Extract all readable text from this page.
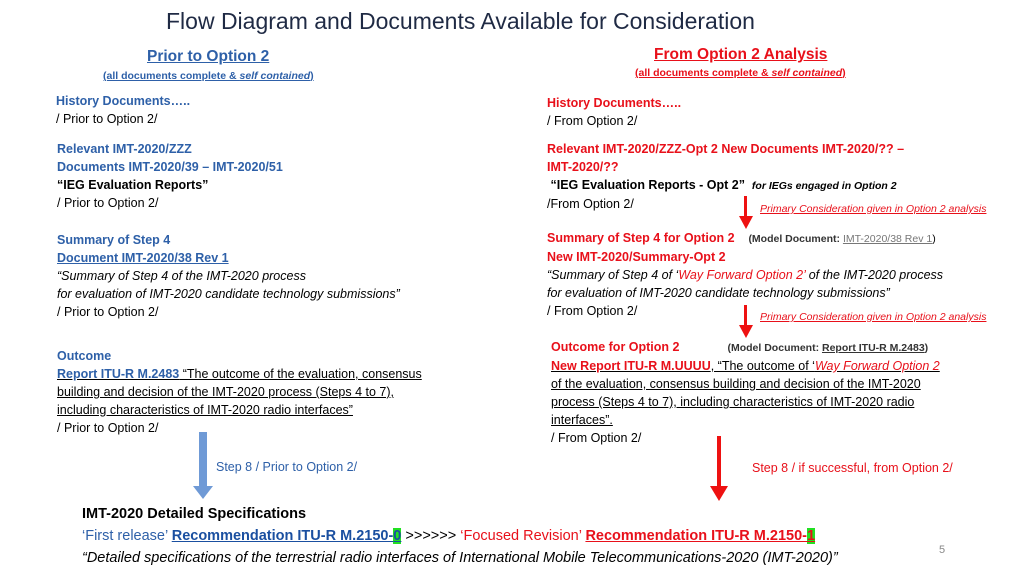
Flow Diagram and Documents Available for Consideration
Prior to Option 2
(all documents complete & self contained)
History Documents…..
/ Prior to Option 2/
Relevant IMT-2020/ZZZ
Documents IMT-2020/39 – IMT-2020/51
“IEG Evaluation Reports”
/ Prior to Option 2/
Summary of Step 4
Document IMT-2020/38 Rev 1
“Summary of Step 4 of the IMT-2020 process
for evaluation of IMT-2020 candidate technology submissions”
/ Prior to Option 2/
Outcome
Report ITU-R M.2483 “The outcome of the evaluation, consensus
building and decision of the IMT-2020 process (Steps 4 to 7),
including characteristics of IMT-2020 radio interfaces”
/ Prior to Option 2/
Step 8 / Prior to Option 2/
From Option 2 Analysis
(all documents complete & self contained)
History Documents…..
/ From Option 2/
Relevant IMT-2020/ZZZ-Opt 2 New Documents IMT-2020/?? –
IMT-2020/??
“IEG Evaluation Reports - Opt 2” for IEGs engaged in Option 2
/From Option 2/	Primary Consideration given in Option 2 analysis
Summary of Step 4 for Option 2 (Model Document: IMT-2020/38 Rev 1)
New IMT-2020/Summary-Opt 2
“Summary of Step 4 of ‘Way Forward Option 2’ of the IMT-2020 process
for evaluation of IMT-2020 candidate technology submissions”
/ From Option 2/	Primary Consideration given in Option 2 analysis
Outcome for Option 2	(Model Document: Report ITU-R M.2483)
New Report ITU-R M.UUUU, “The outcome of ‘Way Forward Option 2
of the evaluation, consensus building and decision of the IMT-2020
process (Steps 4 to 7), including characteristics of IMT-2020 radio
interfaces”.
/ From Option 2/
Step 8 / if successful, from Option 2/
IMT-2020 Detailed Specifications
‘First release’ Recommendation ITU-R M.2150-0 >>>>>> ‘Focused Revision’ Recommendation ITU-R M.2150-1
“Detailed specifications of the terrestrial radio interfaces of International Mobile Telecommunications-2020 (IMT-2020)”	5
